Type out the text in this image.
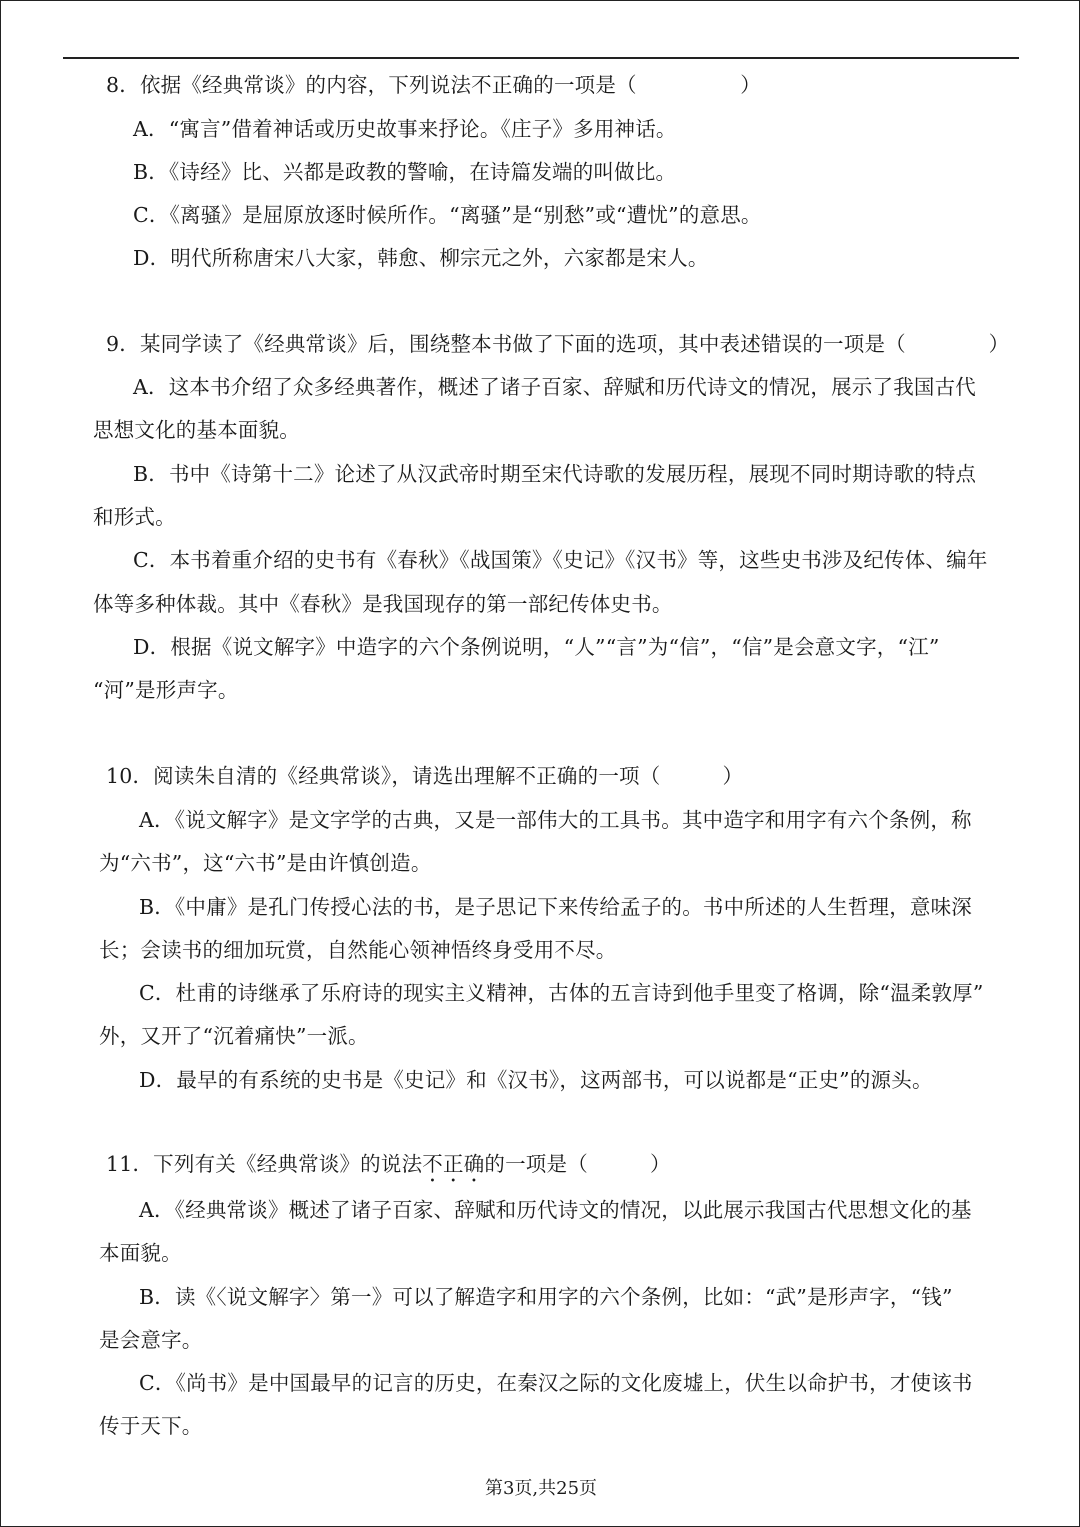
8．依据《经典常谈》的内容，下列说法不正确的一项是（　　　　　）
A．“寓言”借着神话或历史故事来抒论。《庄子》多用神话。
B．《诗经》比、兴都是政教的警喻，在诗篇发端的叫做比。
C．《离骚》是屈原放逐时候所作。“离骚”是“别愁”或“遭忧”的意思。
D．明代所称唐宋八大家，韩愈、柳宗元之外，六家都是宋人。
9．某同学读了《经典常谈》后，围绕整本书做了下面的选项，其中表述错误的一项是（　　　　）
A．这本书介绍了众多经典著作，概述了诸子百家、辞赋和历代诗文的情况，展示了我国古代
思想文化的基本面貌。
B．书中《诗第十二》论述了从汉武帝时期至宋代诗歌的发展历程，展现不同时期诗歌的特点
和形式。
C．本书着重介绍的史书有《春秋》《战国策》《史记》《汉书》等，这些史书涉及纪传体、编年
体等多种体裁。其中《春秋》是我国现存的第一部纪传体史书。
D．根据《说文解字》中造字的六个条例说明，“人”“言”为“信”，“信”是会意文字，“江”
“河”是形声字。
10．阅读朱自清的《经典常谈》，请选出理解不正确的一项（　　　）
A．《说文解字》是文字学的古典，又是一部伟大的工具书。其中造字和用字有六个条例，称
为“六书”，这“六书”是由许慎创造。
B．《中庸》是孔门传授心法的书，是子思记下来传给孟子的。书中所述的人生哲理，意味深
长；会读书的细加玩赏，自然能心领神悟终身受用不尽。
C．杜甫的诗继承了乐府诗的现实主义精神，古体的五言诗到他手里变了格调，除“温柔敦厚”
外，又开了“沉着痛快”一派。
D．最早的有系统的史书是《史记》和《汉书》，这两部书，可以说都是“正史”的源头。
11．下列有关《经典常谈》的说法不正确的一项是（　　　）
A．《经典常谈》概述了诸子百家、辞赋和历代诗文的情况，以此展示我国古代思想文化的基
本面貌。
B．读《〈说文解字〉第一》可以了解造字和用字的六个条例，比如：“武”是形声字，“钱”
是会意字。
C．《尚书》是中国最早的记言的历史，在秦汉之际的文化废墟上，伏生以命护书，才使该书
传于天下。
第3页,共25页
